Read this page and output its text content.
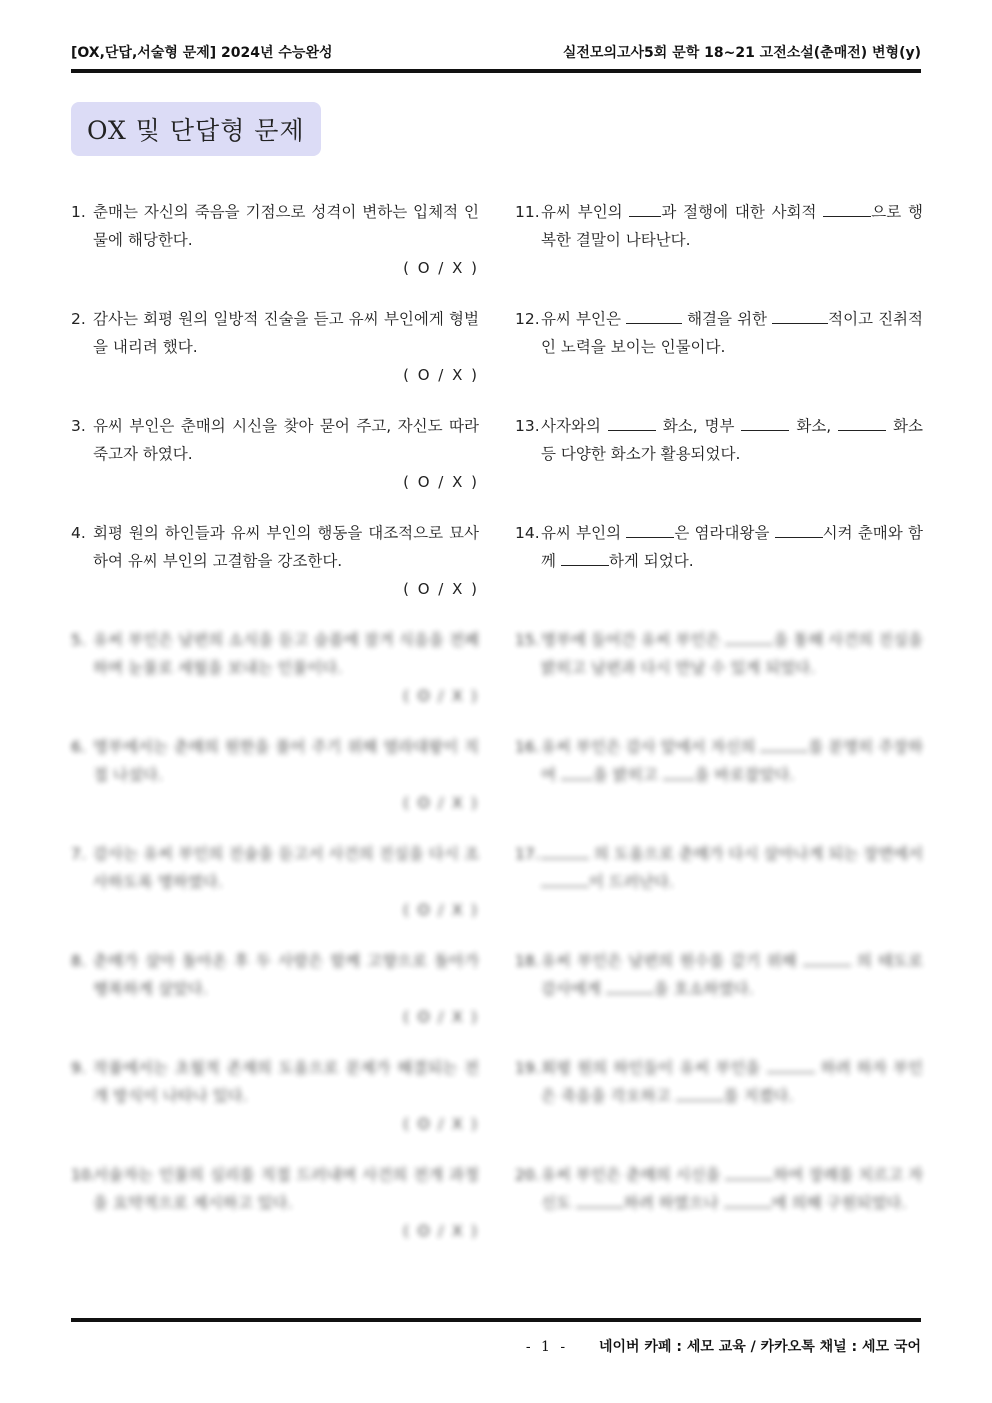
[OX,단답,서술형 문제] 2024년 수능완성	실전모의고사5회 문학 18~21 고전소설(춘매전) 변형(y)
OX 및 단답형 문제
1. 춘매는 자신의 죽음을 기점으로 성격이 변하는 입체적 인물에 해당한다.
( O / X )
2. 감사는 회평 원의 일방적 진술을 듣고 유씨 부인에게 형벌을 내리려 했다.
( O / X )
3. 유씨 부인은 춘매의 시신을 찾아 묻어 주고, 자신도 따라 죽고자 하였다.
( O / X )
4. 회평 원의 하인들과 유씨 부인의 행동을 대조적으로 묘사하여 유씨 부인의 고결함을 강조한다.
( O / X )
5. 유씨 부인은 남편의 소식을 듣고 슬픔에 잠겨 식음을 전폐하며 눈물로 세월을 보내는 인물이다.
( O / X )
6. 명부에서는 춘매의 원한을 풀어 주기 위해 염라대왕이 직접 나섰다.
( O / X )
7. 감사는 유씨 부인의 진술을 듣고서 사건의 진실을 다시 조사하도록 명하였다.
( O / X )
8. 춘매가 살아 돌아온 후 두 사람은 함께 고향으로 돌아가 행복하게 살았다.
( O / X )
9. 작품에서는 초월적 존재의 도움으로 문제가 해결되는 전개 방식이 나타나 있다.
( O / X )
10.
서술자는 인물의 심리를 직접 드러내며 사건의 전개 과정을 요약적으로 제시하고 있다.
( O / X )
11. 유씨 부인의 과 절행에 대한 사회적	으로 행복한 결말이 나타난다.
12. 유씨 부인은	해결을 위한	적이고 진취적인 노력을 보이는 인물이다.
13. 사자와의	화소, 명부	화소,	화소 등 다양한 화소가 활용되었다.
14. 유씨 부인의	은 염라대왕을	시켜 춘매와 함께	하게 되었다.
15. 명부에 들어간 유씨 부인은	을 통해 사건의 진실을 밝히고 남편과 다시 만날 수 있게 되었다.
16. 유씨 부인은 감사 앞에서 자신의	를 분명히 주장하여 을 밝히고 을 바로잡았다.
17.	의 도움으로 춘매가 다시 살아나게 되는 장면에서 이 드러난다.
18. 유씨 부인은 남편의 원수를 갚기 위해	의 태도로 감사에게	을 호소하였다.
19. 회평 원의 하인들이 유씨 부인을	하려 하자 부인은 죽음을 각오하고	를 지켰다.
20. 유씨 부인은 춘매의 시신을	하여 장례를 치르고 자신도	하려 하였으나	에 의해 구원되었다.
- 1 - 네이버 카페 : 세모 교육 / 카카오톡 채널 : 세모 국어
